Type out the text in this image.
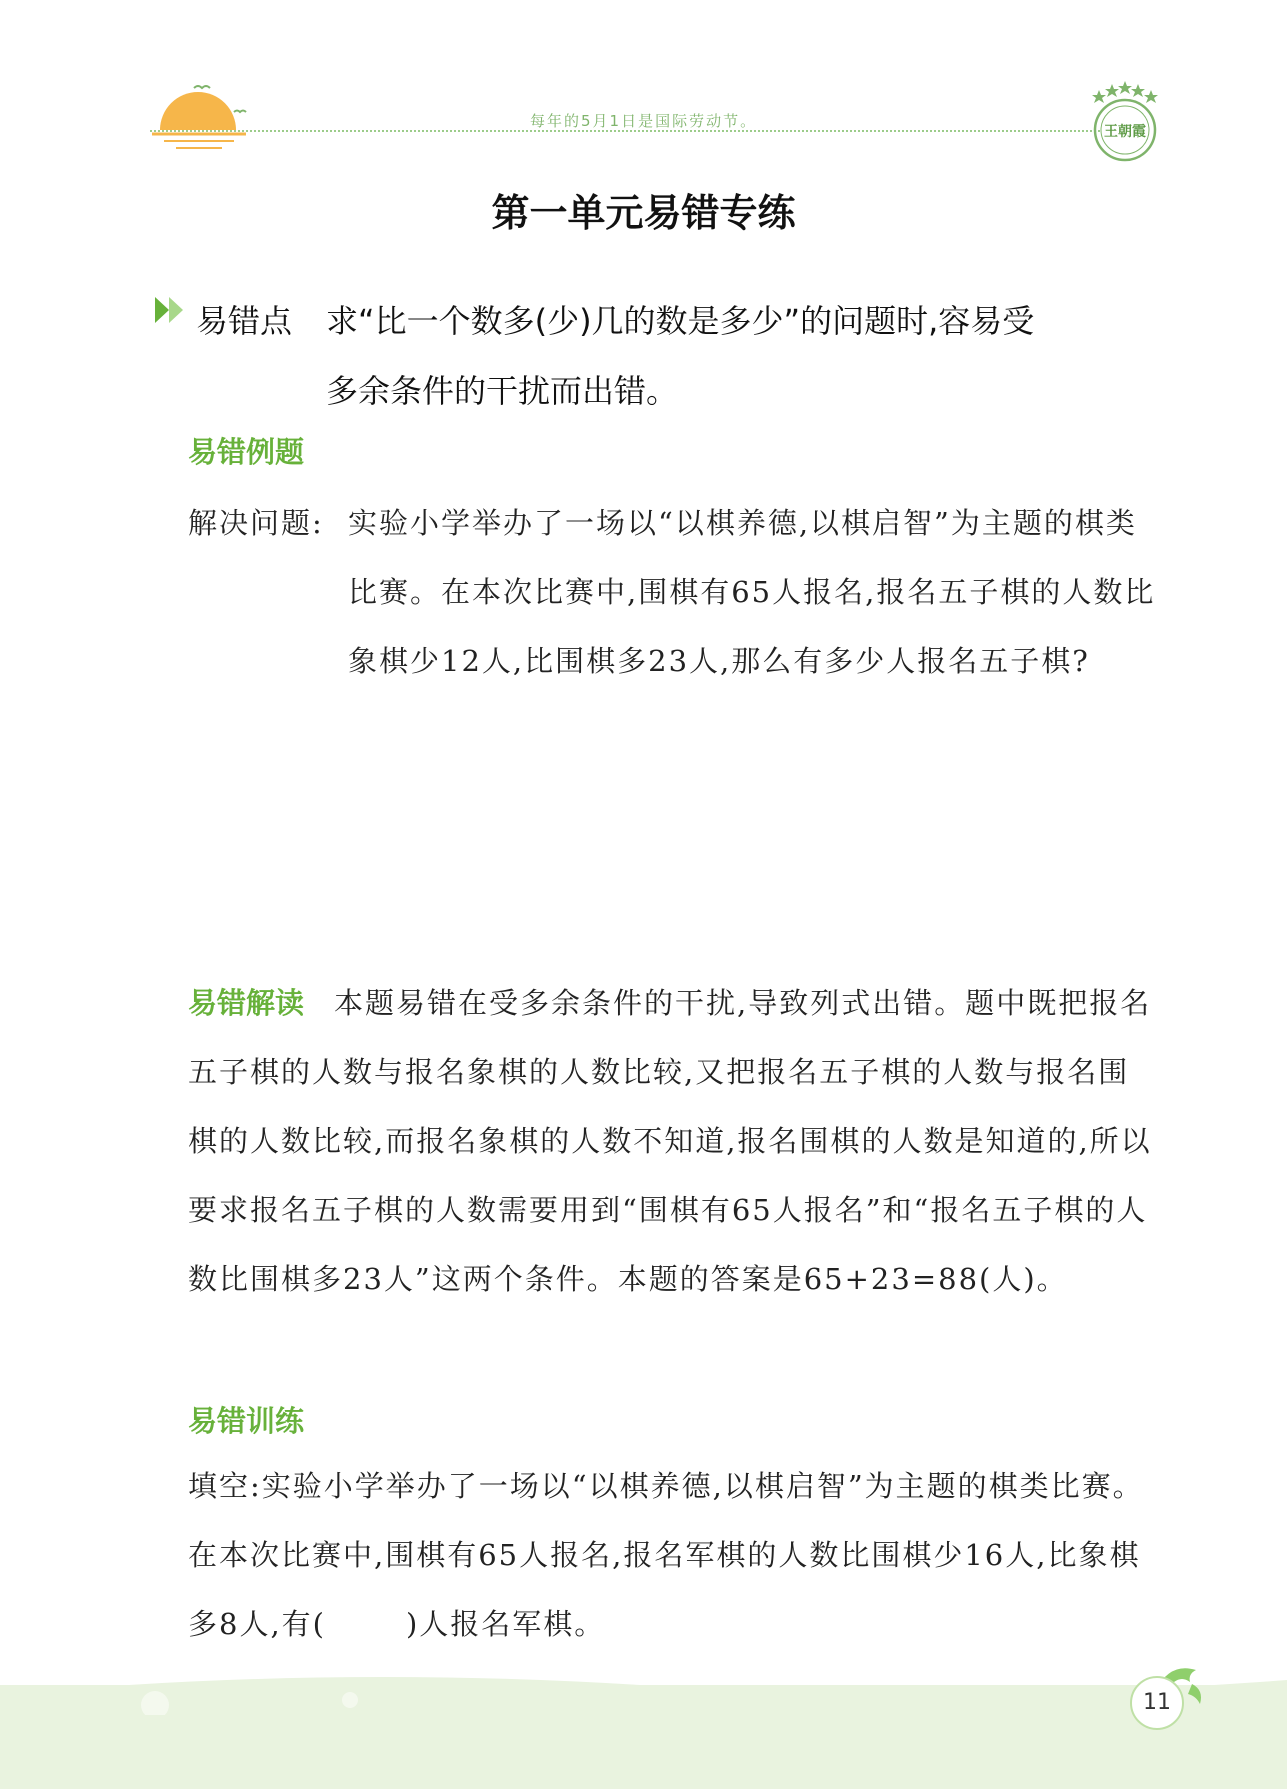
每年的5月1日是国际劳动节。
王朝霞
第一单元易错专练

易错点 求“比一个数多(少)几的数是多少”的问题时,容易受
多余条件的干扰而出错。

易错例题
解决问题: 实验小学举办了一场以“以棋养德,以棋启智”为主题的棋类比赛。在本次比赛中,围棋有65人报名,报名五子棋的人数比象棋少12人,比围棋多23人,那么有多少人报名五子棋?
易错解读 本题易错在受多余条件的干扰,导致列式出错。题中既把报名五子棋的人数与报名象棋的人数比较,又把报名五子棋的人数与报名围棋的人数比较,而报名象棋的人数不知道,报名围棋的人数是知道的,所以要求报名五子棋的人数需要用到“围棋有65人报名”和“报名五子棋的人数比围棋多23人”这两个条件。本题的答案是65+23=88(人)。
易错训练
填空:实验小学举办了一场以“以棋养德,以棋启智”为主题的棋类比赛。在本次比赛中,围棋有65人报名,报名军棋的人数比围棋少16人,比象棋多8人,有(	)人报名军棋。
11
